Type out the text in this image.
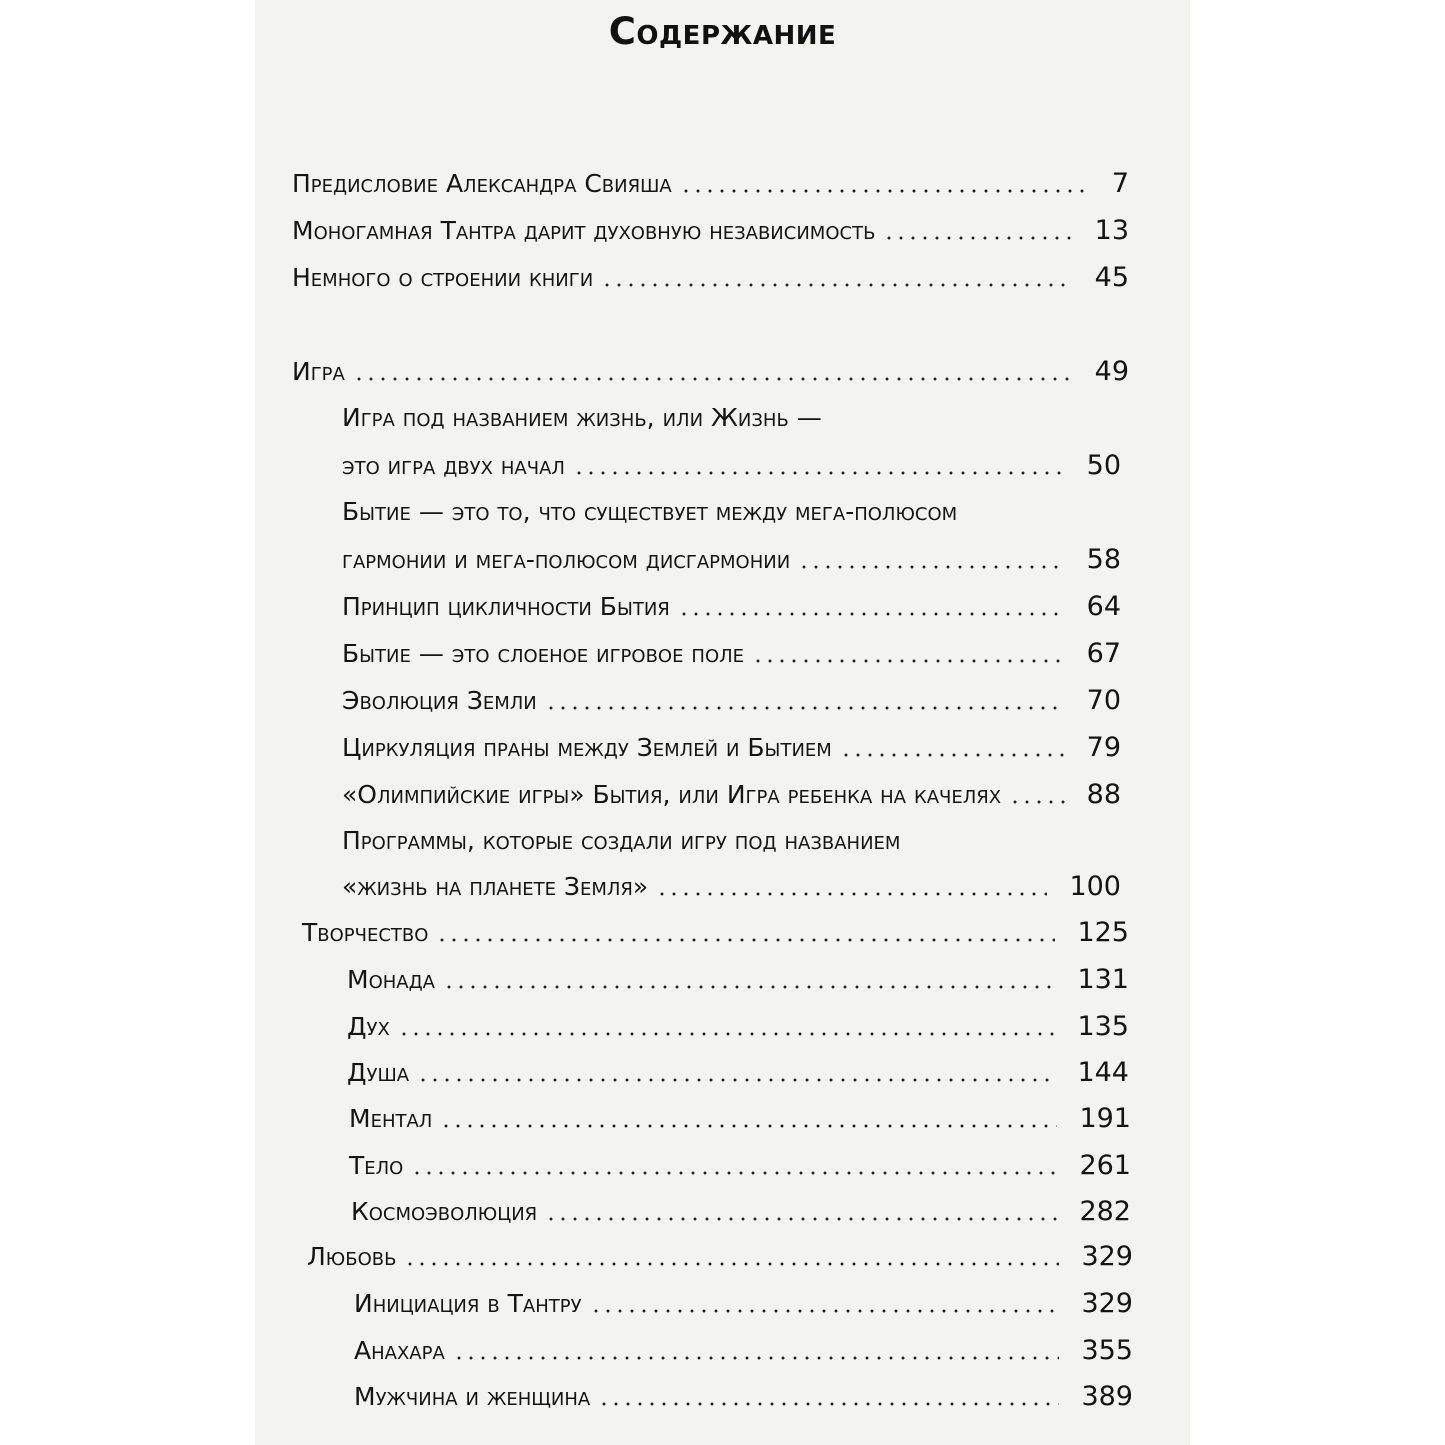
Содержание
Предисловие Александра Свияша	7
Моногамная Тантра дарит духовную независимость	13
Немного о строении книги	45
Игра	49
Игра под названием жизнь, или Жизнь —
это игра двух начал	50
Бытие — это то, что существует между мега-полюсом
гармонии и мега-полюсом дисгармонии	58
Принцип цикличности Бытия	64
Бытие — это слоеное игровое поле	67
Эволюция Земли	70
Циркуляция праны между Землей и Бытием	79
«Олимпийские игры» Бытия, или Игра ребенка на качелях	88
Программы, которые создали игру под названием
«жизнь на планете Земля»	100
Творчество	125
Монада	131
Дух	135
Душа	144
Ментал	191
Тело	261
Космоэволюция	282
Любовь	329
Инициация в Тантру	329
Анахара	355
Мужчина и женщина	389
